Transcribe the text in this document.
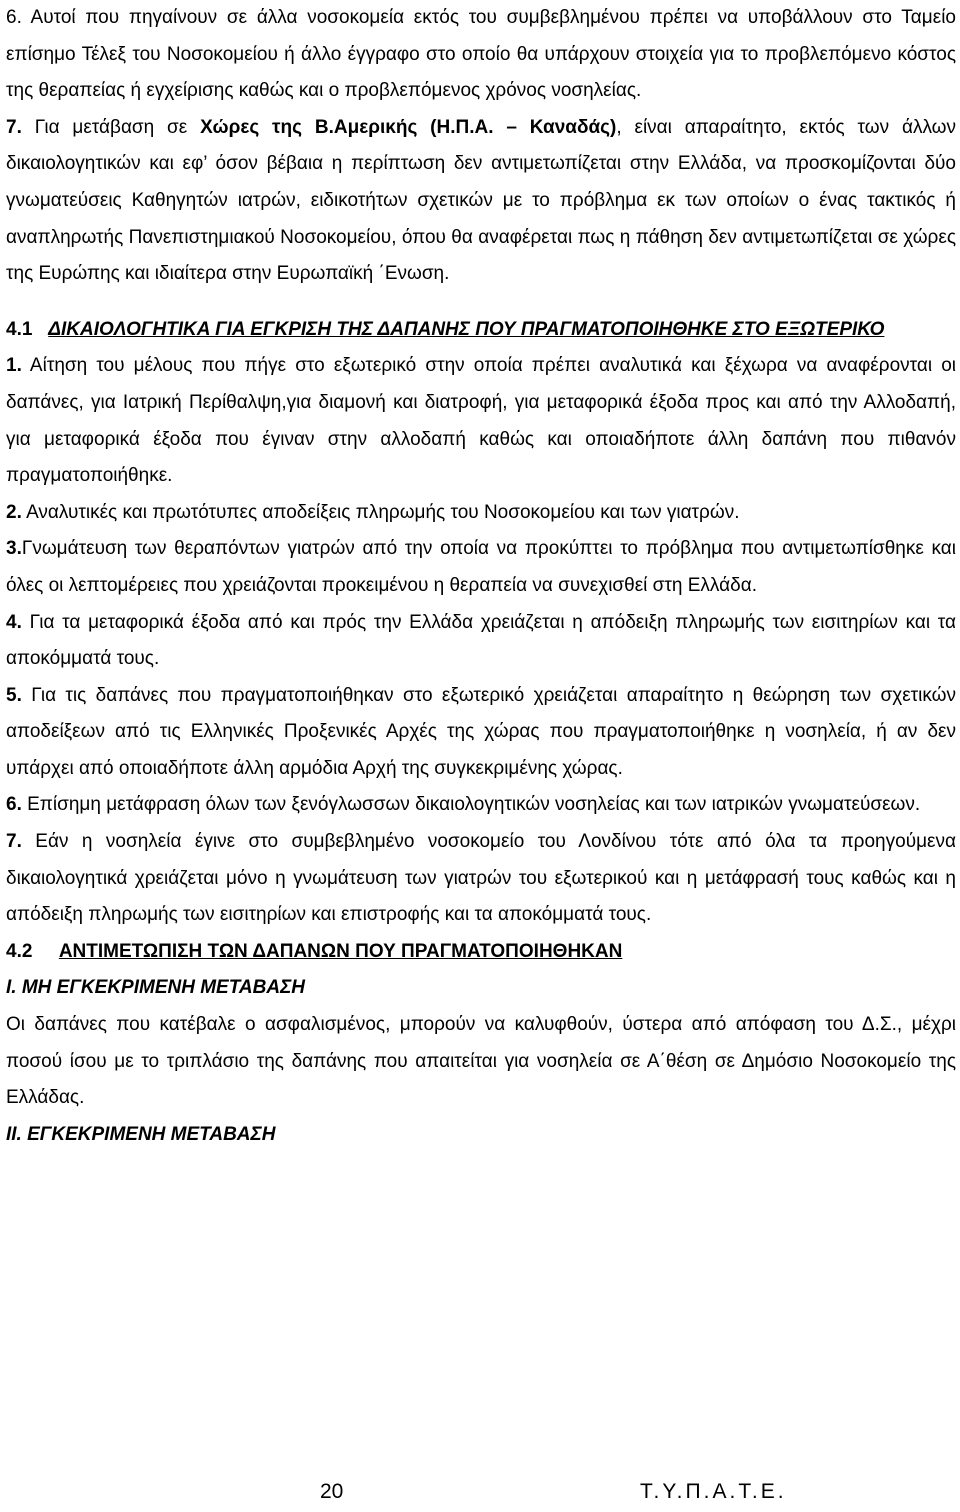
6. Αυτοί που πηγαίνουν σε άλλα νοσοκομεία εκτός του συμβεβλημένου πρέπει να υποβάλλουν στο Ταμείο επίσημο Τέλεξ του Νοσοκομείου ή άλλο έγγραφο στο οποίο θα υπάρχουν στοιχεία για το προβλεπόμενο κόστος της θεραπείας ή εγχείρισης καθώς και ο προβλεπόμενος χρόνος νοσηλείας.

7. Για μετάβαση σε Χώρες της Β.Αμερικής (Η.Π.Α. – Καναδάς), είναι απαραίτητο, εκτός των άλλων δικαιολογητικών και εφ’ όσον βέβαια η περίπτωση δεν αντιμετωπίζεται στην Ελλάδα, να προσκομίζονται δύο γνωματεύσεις Καθηγητών ιατρών, ειδικοτήτων σχετικών με το πρόβλημα εκ των οποίων ο ένας τακτικός ή αναπληρωτής Πανεπιστημιακού Νοσοκομείου, όπου θα αναφέρεται πως η πάθηση δεν αντιμετωπίζεται σε χώρες της Ευρώπης και ιδιαίτερα στην Ευρωπαϊκή ΄Ενωση.

4.1 ΔΙΚΑΙΟΛΟΓΗΤΙΚΑ ΓΙΑ ΕΓΚΡΙΣΗ ΤΗΣ ΔΑΠΑΝΗΣ ΠΟΥ ΠΡΑΓΜΑΤΟΠΟΙΗΘΗΚΕ ΣΤΟ ΕΞΩΤΕΡΙΚΟ

1. Αίτηση του μέλους που πήγε στο εξωτερικό στην οποία πρέπει αναλυτικά και ξέχωρα να αναφέρονται οι δαπάνες, για Ιατρική Περίθαλψη,για διαμονή και διατροφή, για μεταφορικά έξοδα προς και από την Αλλοδαπή, για μεταφορικά έξοδα που έγιναν στην αλλοδαπή καθώς και οποιαδήποτε άλλη δαπάνη που πιθανόν πραγματοποιήθηκε.

2. Αναλυτικές και πρωτότυπες αποδείξεις πληρωμής του Νοσοκομείου και των γιατρών.

3.Γνωμάτευση των θεραπόντων γιατρών από την οποία να προκύπτει το πρόβλημα που αντιμετωπίσθηκε και όλες οι λεπτομέρειες που χρειάζονται προκειμένου η θεραπεία να συνεχισθεί στη Ελλάδα.

4. Για τα μεταφορικά έξοδα από και πρός την Ελλάδα χρειάζεται η απόδειξη πληρωμής των εισιτηρίων και τα αποκόμματά τους.

5. Για τις δαπάνες που πραγματοποιήθηκαν στο εξωτερικό χρειάζεται απαραίτητο η θεώρηση των σχετικών αποδείξεων από τις Ελληνικές Προξενικές Αρχές της χώρας που πραγματοποιήθηκε η νοσηλεία, ή αν δεν υπάρχει από οποιαδήποτε άλλη αρμόδια Αρχή της συγκεκριμένης χώρας.

6. Επίσημη μετάφραση όλων των ξενόγλωσσων δικαιολογητικών νοσηλείας και των ιατρικών γνωματεύσεων.

7. Εάν η νοσηλεία έγινε στο συμβεβλημένο νοσοκομείο του Λονδίνου τότε από όλα τα προηγούμενα δικαιολογητικά χρειάζεται μόνο η γνωμάτευση των γιατρών του εξωτερικού και η μετάφρασή τους καθώς και η απόδειξη πληρωμής των εισιτηρίων και επιστροφής και τα αποκόμματά τους.

4.2 ΑΝΤΙΜΕΤΩΠΙΣΗ ΤΩΝ ΔΑΠΑΝΩΝ ΠΟΥ ΠΡΑΓΜΑΤΟΠΟΙΗΘΗΚΑΝ

Ι. ΜΗ ΕΓΚΕΚΡΙΜΕΝΗ ΜΕΤΑΒΑΣΗ

Οι δαπάνες που κατέβαλε ο ασφαλισμένος, μπορούν να καλυφθούν, ύστερα από απόφαση του Δ.Σ., μέχρι ποσού ίσου με το τριπλάσιο της δαπάνης που απαιτείται για νοσηλεία σε Α΄θέση σε Δημόσιο Νοσοκομείο της Ελλάδας.

ΙΙ. ΕΓΚΕΚΡΙΜΕΝΗ ΜΕΤΑΒΑΣΗ

20	Τ.Υ.Π.Α.Τ.Ε.
